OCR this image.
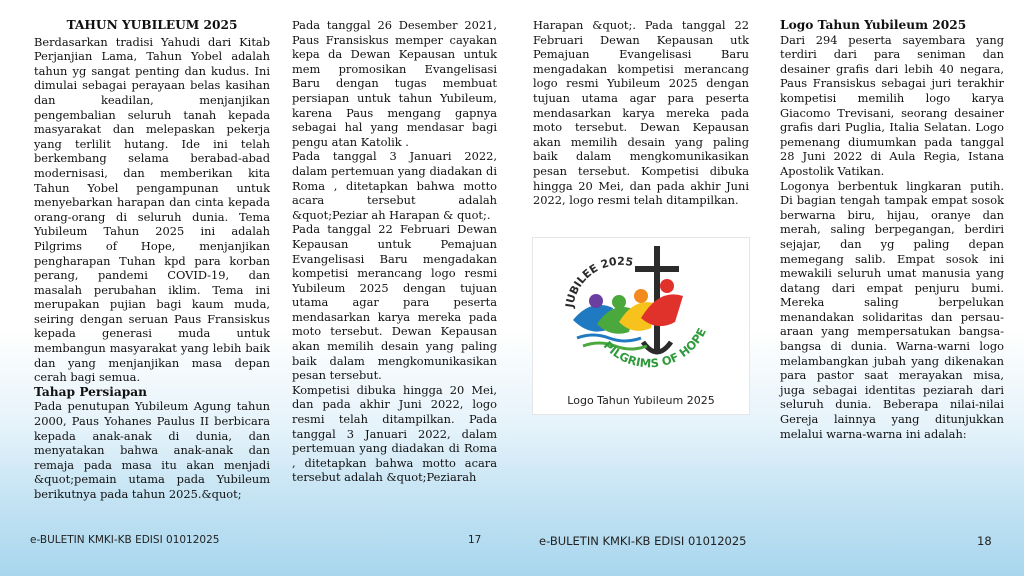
TAHUN YUBILEUM 2025

Berdasarkan tradisi Yahudi dari Kitab Perjanjian Lama, Tahun Yobel adalah tahun yg sangat penting dan kudus. Ini dimulai sebagai perayaan belas kasihan dan keadilan, menjanjikan pengembalian seluruh tanah kepada masyarakat dan melepaskan pekerja yang terlilit hutang. Ide ini telah berkembang selama berabad-abad modernisasi, dan memberikan kita Tahun Yobel pengampunan untuk menyebarkan harapan dan cinta kepada orang-orang di seluruh dunia. Tema Yubileum Tahun 2025 ini adalah Pilgrims of Hope, menjanjikan pengharapan Tuhan kpd para korban perang, pandemi COVID-19, dan masalah perubahan iklim. Tema ini merupakan pujian bagi kaum muda, seiring dengan seruan Paus Fransiskus kepada generasi muda untuk membangun masyarakat yang lebih baik dan yang menjanjikan masa depan cerah bagi semua.

Tahap Persiapan

Pada penutupan Yubileum Agung tahun 2000, Paus Yohanes Paulus II berbicara kepada anak-anak di dunia, dan menyatakan bahwa anak-anak dan remaja pada masa itu akan menjadi &quot;pemain utama pada Yubileum berikutnya pada tahun 2025.&quot;

Pada tanggal 26 Desember 2021, Paus Fransiskus memper cayakan kepa da Dewan Kepausan untuk mem promosikan Evangelisasi Baru dengan tugas membuat persiapan untuk tahun Yubileum, karena Paus mengang gapnya sebagai hal yang mendasar bagi pengu atan Katolik .

Pada tanggal 3 Januari 2022, dalam pertemuan yang diadakan di Roma , ditetapkan bahwa motto acara tersebut adalah &quot;Peziar ah Harapan & quot;.

Pada tanggal 22 Februari Dewan Kepausan untuk Pemajuan Evangelisasi Baru mengadakan kompetisi merancang logo resmi Yubileum 2025 dengan tujuan utama agar para peserta mendasarkan karya mereka pada moto tersebut. Dewan Kepausan akan memilih desain yang paling baik dalam mengkomunikasikan pesan tersebut.

Kompetisi dibuka hingga 20 Mei, dan pada akhir Juni 2022, logo resmi telah ditampilkan. Pada tanggal 3 Januari 2022, dalam pertemuan yang diadakan di Roma , ditetapkan bahwa motto acara tersebut adalah &quot;Peziarah

Harapan &quot;. Pada tanggal 22 Februari Dewan Kepausan utk Pemajuan Evangelisasi Baru mengadakan kompetisi merancang logo resmi Yubileum 2025 dengan tujuan utama agar para peserta mendasarkan karya mereka pada moto tersebut. Dewan Kepausan akan memilih desain yang paling baik dalam mengkomunikasikan pesan tersebut. Kompetisi dibuka hingga 20 Mei, dan pada akhir Juni 2022, logo resmi telah ditampilkan.

JUBILEE 2025
PILGRIMS OF HOPE
Logo Tahun Yubileum 2025

Logo Tahun Yubileum 2025

Dari 294 peserta sayembara yang terdiri dari para seniman dan desainer grafis dari lebih 40 negara, Paus Fransiskus sebagai juri terakhir kompetisi memilih logo karya Giacomo Trevisani, seorang desainer grafis dari Puglia, Italia Selatan. Logo pemenang diumumkan pada tanggal 28 Juni 2022 di Aula Regia, Istana Apostolik Vatikan.

Logonya berbentuk lingkaran putih. Di bagian tengah tampak empat sosok berwarna biru, hijau, oranye dan merah, saling berpegangan, berdiri sejajar, dan yg paling depan memegang salib. Empat sosok ini mewakili seluruh umat manusia yang datang dari empat penjuru bumi. Mereka saling berpelukan menandakan solidaritas dan persau-araan yang mempersatukan bangsa-bangsa di dunia. Warna-warni logo melambangkan jubah yang dikenakan para pastor saat merayakan misa, juga sebagai identitas peziarah dari seluruh dunia. Beberapa nilai-nilai Gereja lainnya yang ditunjukkan melalui warna-warna ini adalah:

e-BULETIN KMKI-KB EDISI 01012025	17	e-BULETIN KMKI-KB EDISI 01012025	18
